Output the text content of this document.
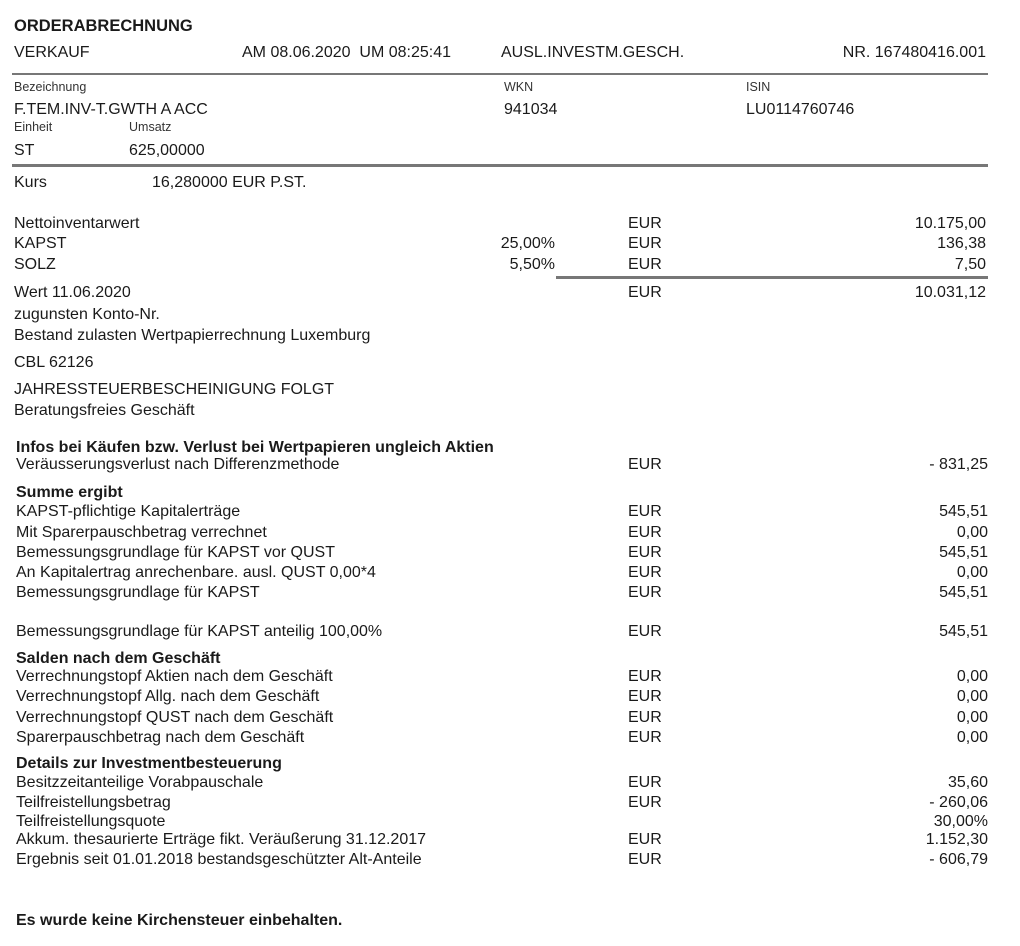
ORDERABRECHNUNG
VERKAUF	AM 08.06.2020  UM 08:25:41	AUSL.INVESTM.GESCH.	NR. 167480416.001
Bezeichnung	WKN	ISIN
F.TEM.INV-T.GWTH A ACC	941034	LU0114760746
Einheit	Umsatz
ST	625,00000
Kurs	16,280000 EUR P.ST.
Nettoinventarwert	EUR	10.175,00
KAPST	25,00%	EUR	136,38
SOLZ	5,50%	EUR	7,50
Wert 11.06.2020	EUR	10.031,12
zugunsten Konto-Nr.
Bestand zulasten Wertpapierrechnung Luxemburg
CBL 62126
JAHRESSTEUERBESCHEINIGUNG FOLGT
Beratungsfreies Geschäft
Infos bei Käufen bzw. Verlust bei Wertpapieren ungleich Aktien
Veräusserungsverlust nach Differenzmethode	EUR	- 831,25
Summe ergibt
KAPST-pflichtige Kapitalerträge	EUR	545,51
Mit Sparerpauschbetrag verrechnet	EUR	0,00
Bemessungsgrundlage für KAPST vor QUST	EUR	545,51
An Kapitalertrag anrechenbare. ausl. QUST 0,00*4	EUR	0,00
Bemessungsgrundlage für KAPST	EUR	545,51
Bemessungsgrundlage für KAPST anteilig 100,00%	EUR	545,51
Salden nach dem Geschäft
Verrechnungstopf Aktien nach dem Geschäft	EUR	0,00
Verrechnungstopf Allg. nach dem Geschäft	EUR	0,00
Verrechnungstopf QUST nach dem Geschäft	EUR	0,00
Sparerpauschbetrag nach dem Geschäft	EUR	0,00
Details zur Investmentbesteuerung
Besitzzeitanteilige Vorabpauschale	EUR	35,60
Teilfreistellungsbetrag	EUR	- 260,06
Teilfreistellungsquote	30,00%
Akkum. thesaurierte Erträge fikt. Veräußerung 31.12.2017	EUR	1.152,30
Ergebnis seit 01.01.2018 bestandsgeschützter Alt-Anteile	EUR	- 606,79
Es wurde keine Kirchensteuer einbehalten.
